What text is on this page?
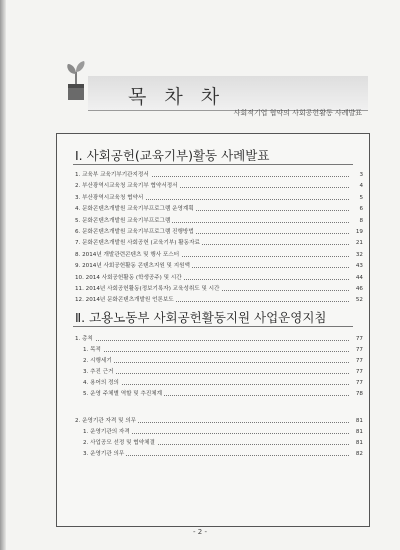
목 차 차
사회적기업 협약의 사회공헌활동 사례발표
Ⅰ. 사회공헌(교육기부)활동 사례발표
Ⅱ. 고용노동부 사회공헌활동지원 사업운영지침
1. 교육부 교육기부기관지정서	3
2. 부산광역시교육청 교육기부 협약서정서	4
3. 부산광역시교육청 협약서	5
4. 문화콘텐츠개발원 교육기부프로그램 운영계획	6
5. 문화콘텐츠개발원 교육기부프로그램	8
6. 문화콘텐츠개발원 교육기부프로그램 진행방법	19
7. 문화콘텐츠개발원 사회공헌 (교육기부) 활동자료	21
8. 2014년 개발관련콘텐츠 및 행사 포스터	32
9. 2014년 사회공헌활동 콘텐츠지원 및 지원액	43
10. 2014 사회공헌활동 (학생공주) 및 시간	44
11. 2014년 사회공헌활동(정보기록자) 교육성취도 및 시간	46
12. 2014년 문화콘텐츠개발원 언론보도	52
1. 총칙	77
1. 목적	77
2. 시행세기	77
3. 추진 근거	77
4. 용어의 정의	77
5. 운영 주체별 역할 및 추진체계	78
2. 운영기관 자격 및 의무	81
1. 운영기관의 자격	81
2. 사업공모 선정 및 협약체결	81
3. 운영기관 의무	82
- 2 -
